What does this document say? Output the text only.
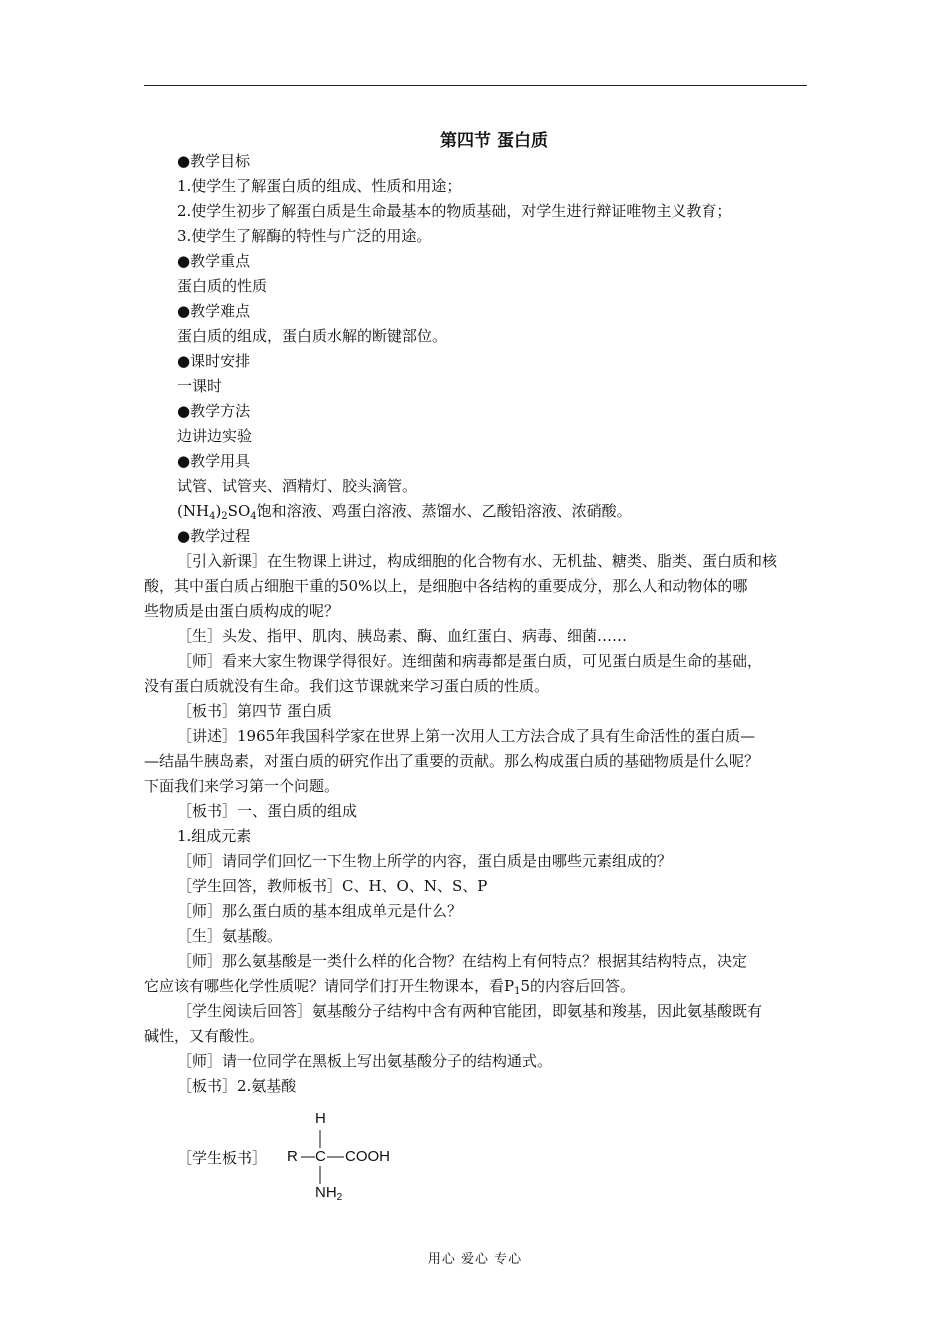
第四节 蛋白质
●教学目标
1.使学生了解蛋白质的组成、性质和用途；
2.使学生初步了解蛋白质是生命最基本的物质基础，对学生进行辩证唯物主义教育；
3.使学生了解酶的特性与广泛的用途。
●教学重点
蛋白质的性质
●教学难点
蛋白质的组成，蛋白质水解的断键部位。
●课时安排
一课时
●教学方法
边讲边实验
●教学用具
试管、试管夹、酒精灯、胶头滴管。
$(NH_4)_2SO_4$饱和溶液、鸡蛋白溶液、蒸馏水、乙酸铅溶液、浓硝酸。
●教学过程
［引入新课］在生物课上讲过，构成细胞的化合物有水、无机盐、糖类、脂类、蛋白质和核
酸，其中蛋白质占细胞干重的50%以上，是细胞中各结构的重要成分，那么人和动物体的哪
些物质是由蛋白质构成的呢？
［生］头发、指甲、肌肉、胰岛素、酶、血红蛋白、病毒、细菌……
［师］看来大家生物课学得很好。连细菌和病毒都是蛋白质，可见蛋白质是生命的基础，
没有蛋白质就没有生命。我们这节课就来学习蛋白质的性质。
［板书］第四节 蛋白质
［讲述］1965年我国科学家在世界上第一次用人工方法合成了具有生命活性的蛋白质—
—结晶牛胰岛素，对蛋白质的研究作出了重要的贡献。那么构成蛋白质的基础物质是什么呢？
下面我们来学习第一个问题。
［板书］一、蛋白质的组成
1.组成元素
［师］请同学们回忆一下生物上所学的内容，蛋白质是由哪些元素组成的？
［学生回答，教师板书］C、H、O、N、S、P
［师］那么蛋白质的基本组成单元是什么？
［生］氨基酸。
［师］那么氨基酸是一类什么样的化合物？在结构上有何特点？根据其结构特点，决定
它应该有哪些化学性质呢？请同学们打开生物课本，看$P_15$的内容后回答。
［学生阅读后回答］氨基酸分子结构中含有两种官能团，即氨基和羧基，因此氨基酸既有
碱性，又有酸性。
［师］请一位同学在黑板上写出氨基酸分子的结构通式。
［板书］2.氨基酸
［学生板书］
H
R C COOH
$NH_2$
用心 爱心 专心
